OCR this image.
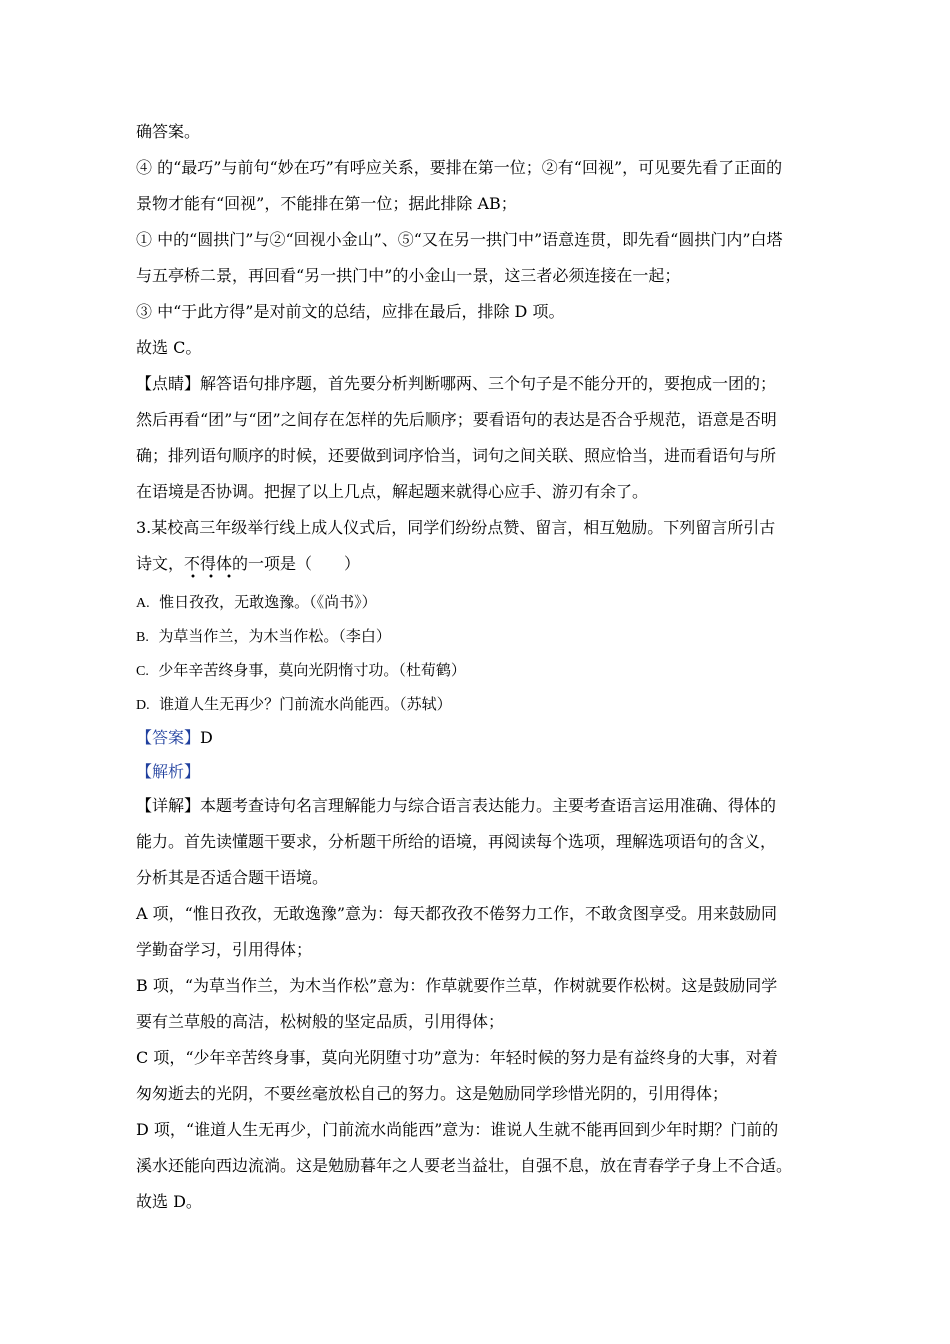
确答案。

④ 的“最巧”与前句“妙在巧”有呼应关系，要排在第一位；②有“回视”，可见要先看了正面的

景物才能有“回视”，不能排在第一位；据此排除 AB；

① 中的“圆拱门”与②“回视小金山”、⑤“又在另一拱门中”语意连贯，即先看“圆拱门内”白塔

与五亭桥二景，再回看“另一拱门中”的小金山一景，这三者必须连接在一起；

③ 中“于此方得”是对前文的总结，应排在最后，排除 D 项。

故选 C。

【点睛】解答语句排序题，首先要分析判断哪两、三个句子是不能分开的，要抱成一团的；

然后再看“团”与“团”之间存在怎样的先后顺序；要看语句的表达是否合乎规范，语意是否明

确；排列语句顺序的时候，还要做到词序恰当，词句之间关联、照应恰当，进而看语句与所

在语境是否协调。把握了以上几点，解起题来就得心应手、游刃有余了。

3.某校高三年级举行线上成人仪式后，同学们纷纷点赞、留言，相互勉励。下列留言所引古

诗文，不得体的一项是（　　）

A. 惟日孜孜，无敢逸豫。（《尚书》）

B. 为草当作兰，为木当作松。（李白）

C. 少年辛苦终身事，莫向光阴惰寸功。（杜荀鹤）

D. 谁道人生无再少？门前流水尚能西。（苏轼）

【答案】D

【解析】

【详解】本题考查诗句名言理解能力与综合语言表达能力。主要考查语言运用准确、得体的

能力。首先读懂题干要求，分析题干所给的语境，再阅读每个选项，理解选项语句的含义，

分析其是否适合题干语境。

A 项，“惟日孜孜，无敢逸豫”意为：每天都孜孜不倦努力工作，不敢贪图享受。用来鼓励同

学勤奋学习，引用得体；

B 项，“为草当作兰，为木当作松”意为：作草就要作兰草，作树就要作松树。这是鼓励同学

要有兰草般的高洁，松树般的坚定品质，引用得体；

C 项，“少年辛苦终身事，莫向光阴堕寸功”意为：年轻时候的努力是有益终身的大事，对着

匆匆逝去的光阴，不要丝毫放松自己的努力。这是勉励同学珍惜光阴的，引用得体；

D 项，“谁道人生无再少，门前流水尚能西”意为：谁说人生就不能再回到少年时期？门前的

溪水还能向西边流淌。这是勉励暮年之人要老当益壮，自强不息，放在青春学子身上不合适。

故选 D。
